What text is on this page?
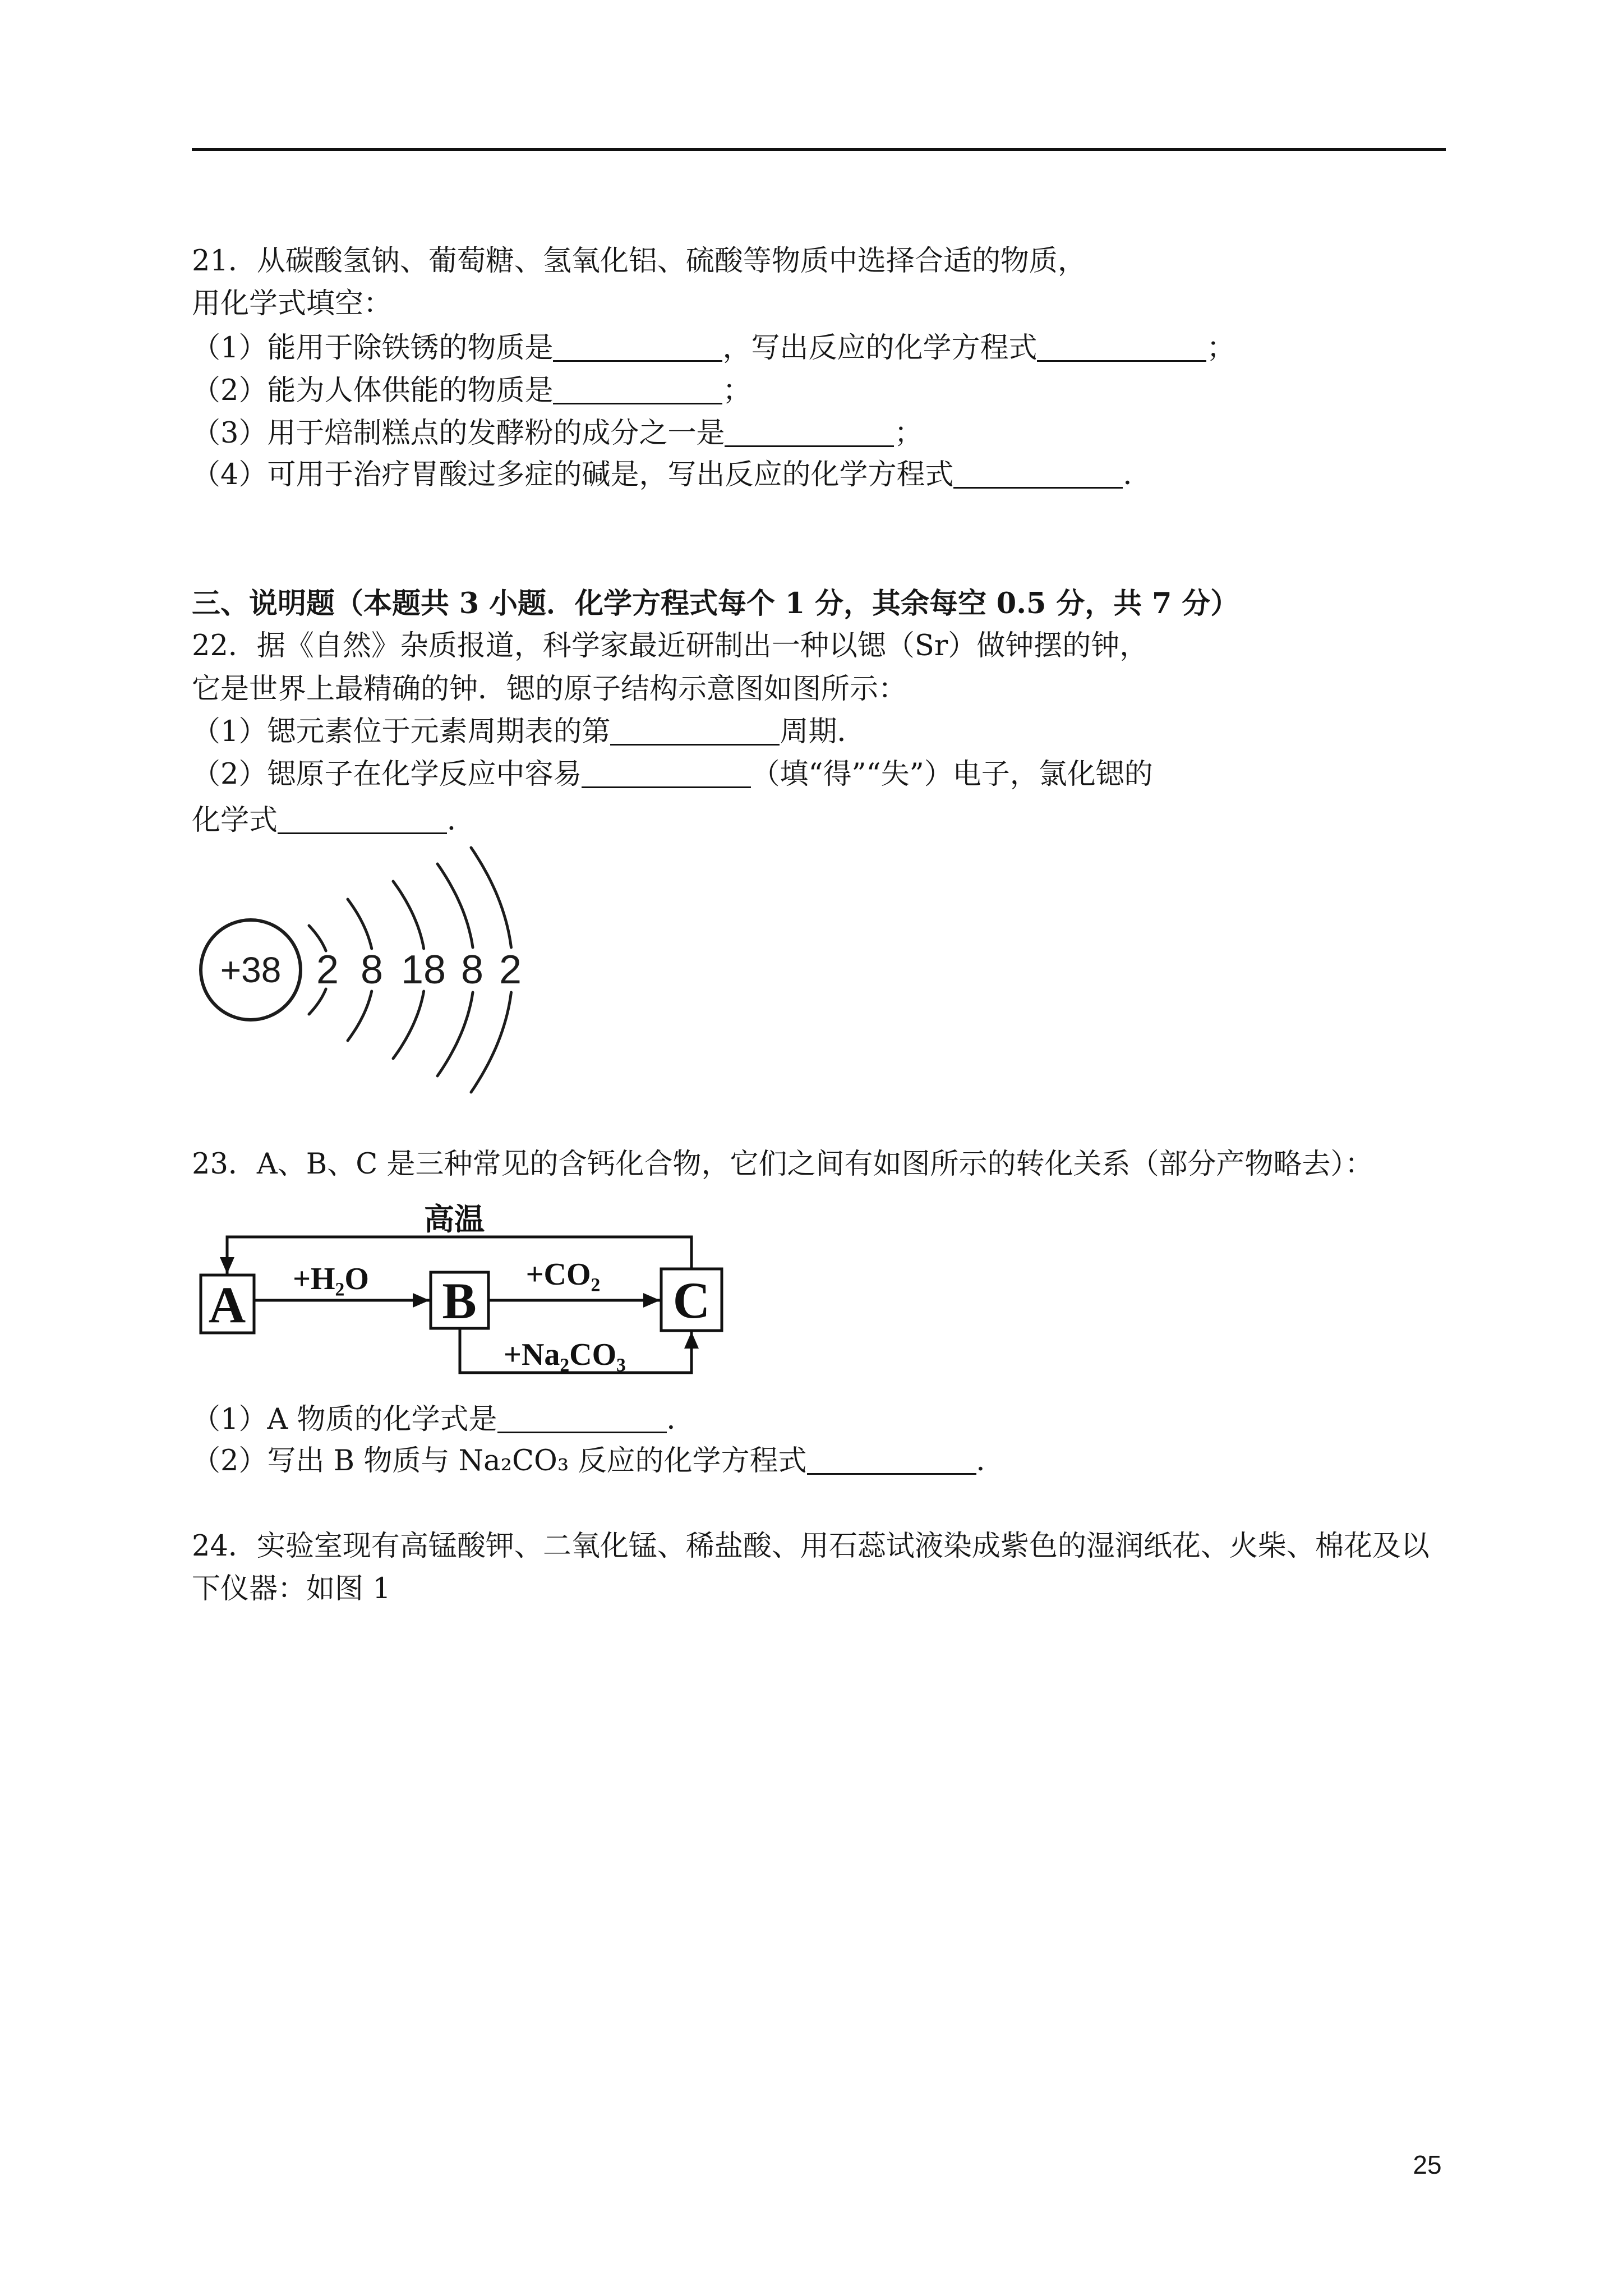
21．从碳酸氢钠、葡萄糖、氢氧化铝、硫酸等物质中选择合适的物质，
用化学式填空：
（1）能用于除铁锈的物质是	，写出反应的化学方程式	；
（2）能为人体供能的物质是	；
（3）用于焙制糕点的发酵粉的成分之一是	；
（4）可用于治疗胃酸过多症的碱是，写出反应的化学方程式	．
三、说明题（本题共 3 小题．化学方程式每个 1 分，其余每空 0.5 分，共 7 分）
22．据《自然》杂质报道，科学家最近研制出一种以锶（Sr）做钟摆的钟，
它是世界上最精确的钟．锶的原子结构示意图如图所示：
（1）锶元素位于元素周期表的第	周期．
（2）锶原子在化学反应中容易	（填“得”“失”）电子，氯化锶的
化学式	．
+38 2 8 18 8 2
23．A、B、C 是三种常见的含钙化合物，它们之间有如图所示的转化关系（部分产物略去）：
A	B	C
高温
+H₂O	+CO₂
+Na₂CO₃
（1）A 物质的化学式是	．
（2）写出 B 物质与 Na₂CO₃ 反应的化学方程式	．
24．实验室现有高锰酸钾、二氧化锰、稀盐酸、用石蕊试液染成紫色的湿润纸花、火柴、棉花及以
下仪器：如图 1
25
